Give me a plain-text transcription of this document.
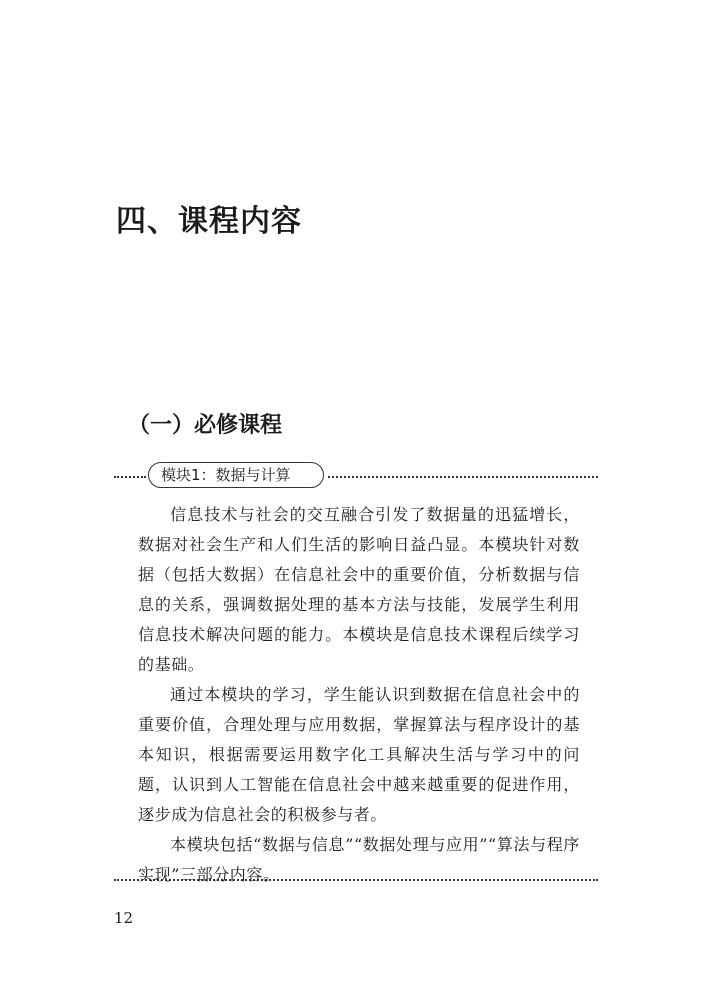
四、课程内容
（一）必修课程
模块1：数据与计算

信息技术与社会的交互融合引发了数据量的迅猛增长，数据对社会生产和人们生活的影响日益凸显。本模块针对数据（包括大数据）在信息社会中的重要价值，分析数据与信息的关系，强调数据处理的基本方法与技能，发展学生利用信息技术解决问题的能力。本模块是信息技术课程后续学习的基础。

通过本模块的学习，学生能认识到数据在信息社会中的重要价值，合理处理与应用数据，掌握算法与程序设计的基本知识，根据需要运用数字化工具解决生活与学习中的问题，认识到人工智能在信息社会中越来越重要的促进作用，逐步成为信息社会的积极参与者。

本模块包括“数据与信息”“数据处理与应用”“算法与程序实现”三部分内容。

12
